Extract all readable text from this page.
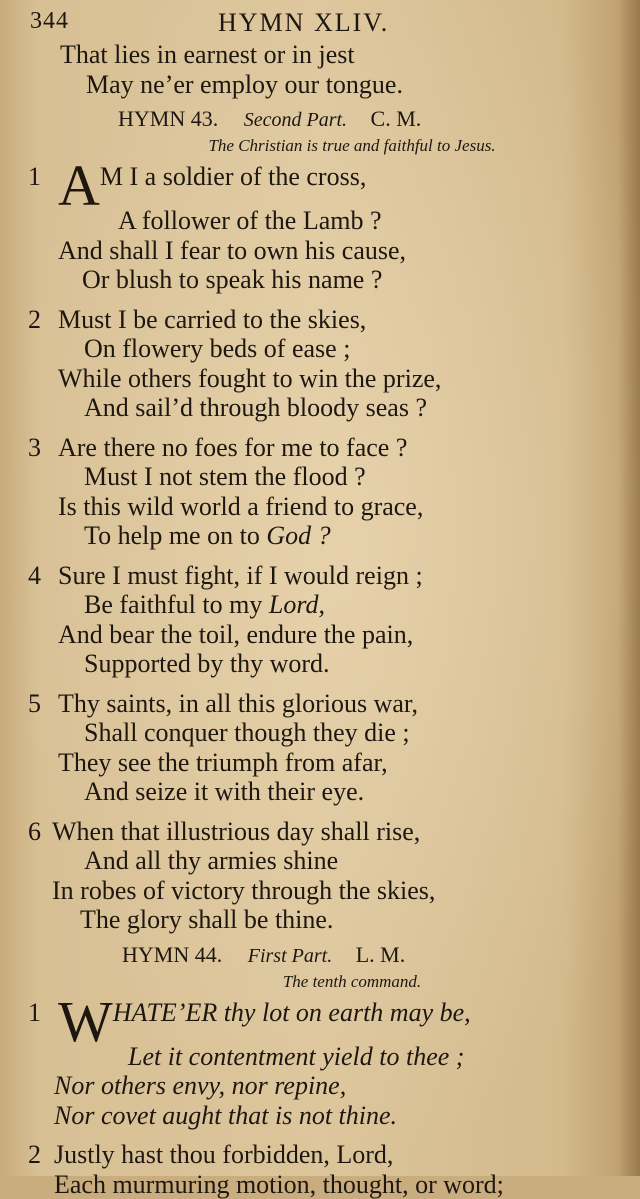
344	HYMN XLIV.
That lies in earnest or in jest
May ne’er employ our tongue.
HYMN 43. Second Part. C. M.
The Christian is true and faithful to Jesus.
1 AM I a soldier of the cross,
A follower of the Lamb ?
And shall I fear to own his cause,
Or blush to speak his name ?
2 Must I be carried to the skies,
On flowery beds of ease ;
While others fought to win the prize,
And sail’d through bloody seas ?
3 Are there no foes for me to face ?
Must I not stem the flood ?
Is this wild world a friend to grace,
To help me on to God ?
4 Sure I must fight, if I would reign ;
Be faithful to my Lord,
And bear the toil, endure the pain,
Supported by thy word.
5 Thy saints, in all this glorious war,
Shall conquer though they die ;
They see the triumph from afar,
And seize it with their eye.
6 When that illustrious day shall rise,
And all thy armies shine
In robes of victory through the skies,
The glory shall be thine.
HYMN 44. First Part. L. M.
The tenth command.
1 WHATE’ER thy lot on earth may be,
Let it contentment yield to thee ;
Nor others envy, nor repine,
Nor covet aught that is not thine.
2 Justly hast thou forbidden, Lord,
Each murmuring motion, thought, or word;
